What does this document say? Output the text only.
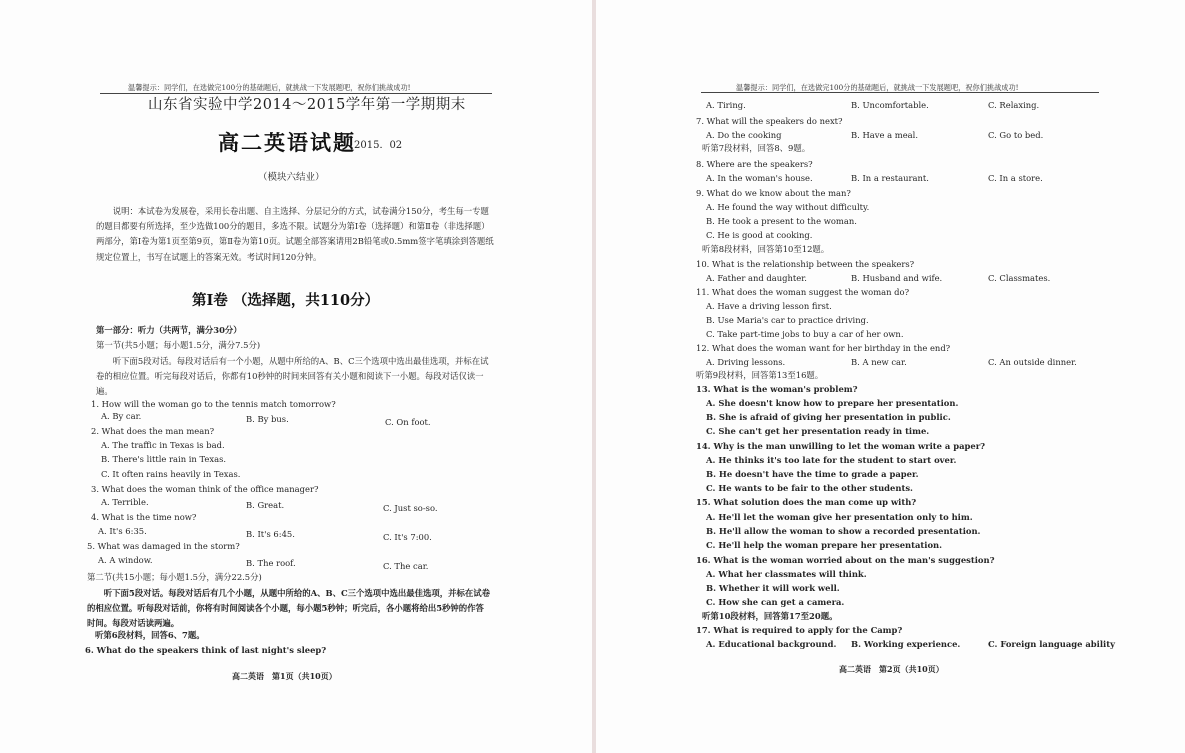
温馨提示：同学们，在选做完100分的基础题后，就挑战一下发展题吧，祝你们挑战成功!
山东省实验中学2014～2015学年第一学期期末
高二英语试题
2015．02
（模块六结业）
说明：本试卷为发展卷，采用长卷出题、自主选择、分层记分的方式，试卷满分150分，考生每一专题的题目都要有所选择，至少选做100分的题目，多选不限。试题分为第Ⅰ卷（选择题）和第Ⅱ卷（非选择题）两部分，第Ⅰ卷为第1页至第9页，第Ⅱ卷为第10页。试题全部答案请用2B铅笔或0.5mm签字笔填涂到答题纸规定位置上，书写在试题上的答案无效。考试时间120分钟。
第Ⅰ卷 （选择题，共110分）
第一部分：听力（共两节，满分30分）
第一节(共5小题；每小题1.5分，满分7.5分)
听下面5段对话。每段对话后有一个小题，从题中所给的A、B、C三个选项中选出最佳选项，并标在试卷的相应位置。听完每段对话后，你都有10秒钟的时间来回答有关小题和阅读下一小题。每段对话仅读一遍。
1. How will the woman go to the tennis match tomorrow?
A. By car.	B. By bus.	C. On foot.
2. What does the man mean?
A. The traffic in Texas is bad.
B. There's little rain in Texas.
C. It often rains heavily in Texas.
3. What does the woman think of the office manager?
A. Terrible.	B. Great.	C. Just so-so.
4. What is the time now?
A. It's 6:35.	B. It's 6:45.	C. It's 7:00.
5. What was damaged in the storm?
A. A window.	B. The roof.	C. The car.
第二节(共15小题；每小题1.5分，满分22.5分)
听下面5段对话。每段对话后有几个小题，从题中所给的A、B、C三个选项中选出最佳选项，并标在试卷的相应位置。听每段对话前，你将有时间阅读各个小题，每小题5秒钟；听完后，各小题将给出5秒钟的作答时间。每段对话读两遍。
听第6段材料，回答6、7题。
6. What do the speakers think of last night's sleep?
高二英语　第1页（共10页）
温馨提示：同学们，在选做完100分的基础题后，就挑战一下发展题吧，祝你们挑战成功!
A. Tiring.	B. Uncomfortable.	C. Relaxing.
7. What will the speakers do next?
A. Do the cooking	B. Have a meal.	C. Go to bed.
听第7段材料，回答8、9题。
8. Where are the speakers?
A. In the woman's house.	B. In a restaurant.	C. In a store.
9. What do we know about the man?
A. He found the way without difficulty.
B. He took a present to the woman.
C. He is good at cooking.
听第8段材料，回答第10至12题。
10. What is the relationship between the speakers?
A. Father and daughter.	B. Husband and wife.	C. Classmates.
11. What does the woman suggest the woman do?
A. Have a driving lesson first.
B. Use Maria's car to practice driving.
C. Take part-time jobs to buy a car of her own.
12. What does the woman want for her birthday in the end?
A. Driving lessons.	B. A new car.	C. An outside dinner.
听第9段材料，回答第13至16题。
13. What is the woman's problem?
A. She doesn't know how to prepare her presentation.
B. She is afraid of giving her presentation in public.
C. She can't get her presentation ready in time.
14. Why is the man unwilling to let the woman write a paper?
A. He thinks it's too late for the student to start over.
B. He doesn't have the time to grade a paper.
C. He wants to be fair to the other students.
15. What solution does the man come up with?
A. He'll let the woman give her presentation only to him.
B. He'll allow the woman to show a recorded presentation.
C. He'll help the woman prepare her presentation.
16. What is the woman worried about on the man's suggestion?
A. What her classmates will think.
B. Whether it will work well.
C. How she can get a camera.
听第10段材料，回答第17至20题。
17. What is required to apply for the Camp?
A. Educational background. B. Working experience.	C. Foreign language ability
高二英语　第2页（共10页）
